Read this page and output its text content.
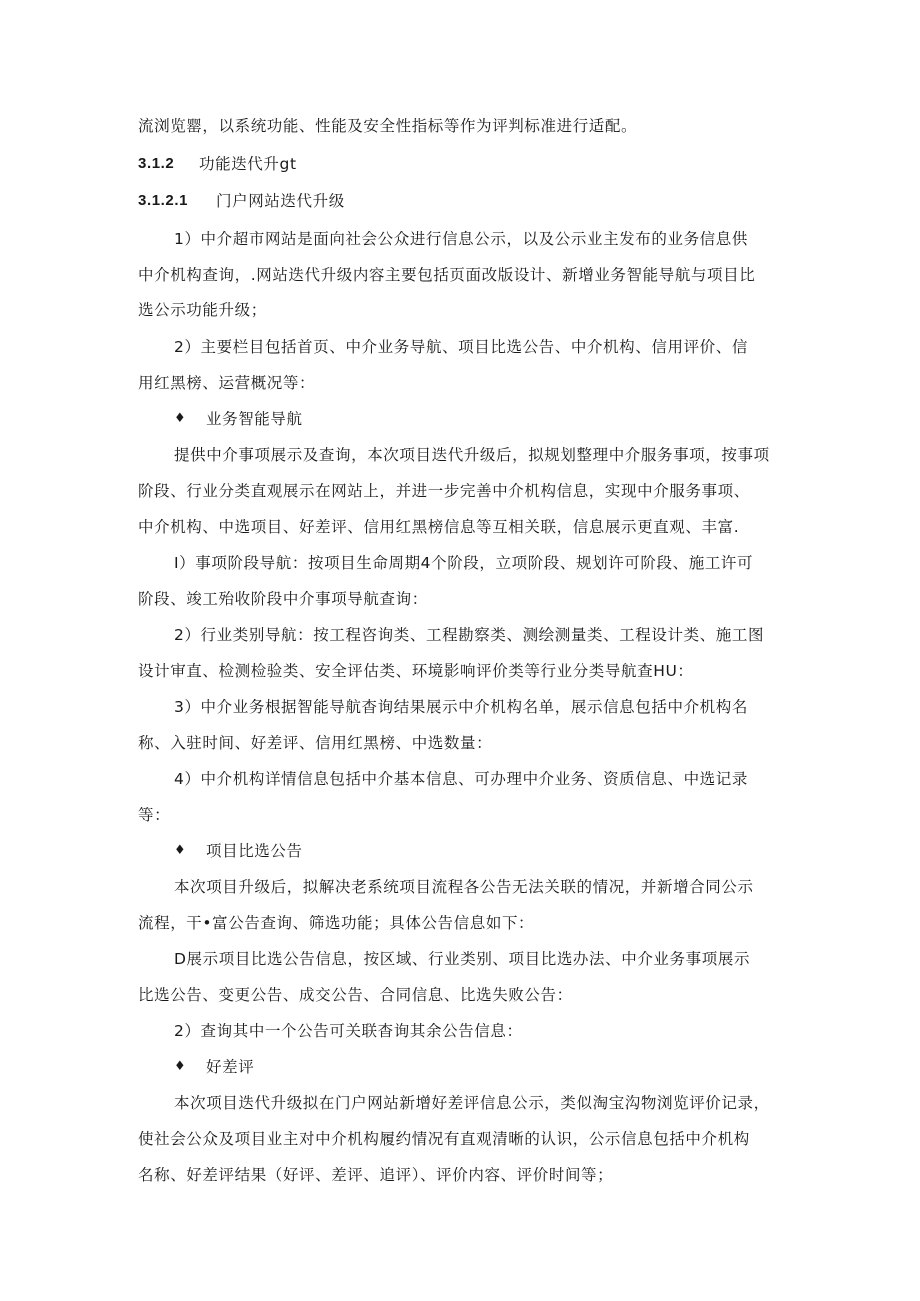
流浏览罂，以系统功能、性能及安全性指标等作为评判标准进行适配。
3.1.2 功能迭代升gt
3.1.2.1 门户网站迭代升级
1）中介超市网站是面向社会公众进行信息公示，以及公示业主发布的业务信息供
中介机构查询，.网站迭代升级内容主要包括页面改版设计、新增业务智能导航与项目比
选公示功能升级；
2）主要栏目包括首页、中介业务导航、项目比选公告、中介机构、信用评价、信
用红黑榜、运营概况等：
♦ 业务智能导航
提供中介事项展示及查询，本次项目迭代升级后，拟规划整理中介服务事项，按事项
阶段、行业分类直观展示在网站上，并进一步完善中介机构信息，实现中介服务事项、
中介机构、中选项目、好差评、信用红黑榜信息等互相关联，信息展示更直观、丰富.
I）事项阶段导航：按项目生命周期4个阶段，立项阶段、规划许可阶段、施工许可
阶段、竣工殆收阶段中介事项导航查询：
2）行业类别导航：按工程咨询类、工程勘察类、测绘测量类、工程设计类、施工图
设计审直、检测检验类、安全评估类、环境影响评价类等行业分类导航查HU：
3）中介业务根据智能导航杳询结果展示中介机构名单，展示信息包括中介机构名
称、入驻时间、好差评、信用红黑榜、中选数量：
4）中介机构详情信息包括中介基本信息、可办理中介业务、资质信息、中选记录
等：
♦ 项目比选公告
本次项目升级后，拟解决老系统项目流程各公告无法关联的情况，并新增合同公示
流程，干•富公告查询、筛选功能；具体公告信息如下：
D展示项目比选公告信息，按区域、行业类别、项目比选办法、中介业务事项展示
比选公告、变更公告、成交公告、合同信息、比选失败公告：
2）查询其中一个公告可关联杳询其余公告信息：
♦ 好差评
本次项目迭代升级拟在门户网站新增好差评信息公示，类似淘宝沟物浏览评价记录，
使社会公众及项目业主对中介机构履约情况有直观清晰的认识，公示信息包括中介机构
名称、好差评结果（好评、差评、追评）、评价内容、评价时间等；
